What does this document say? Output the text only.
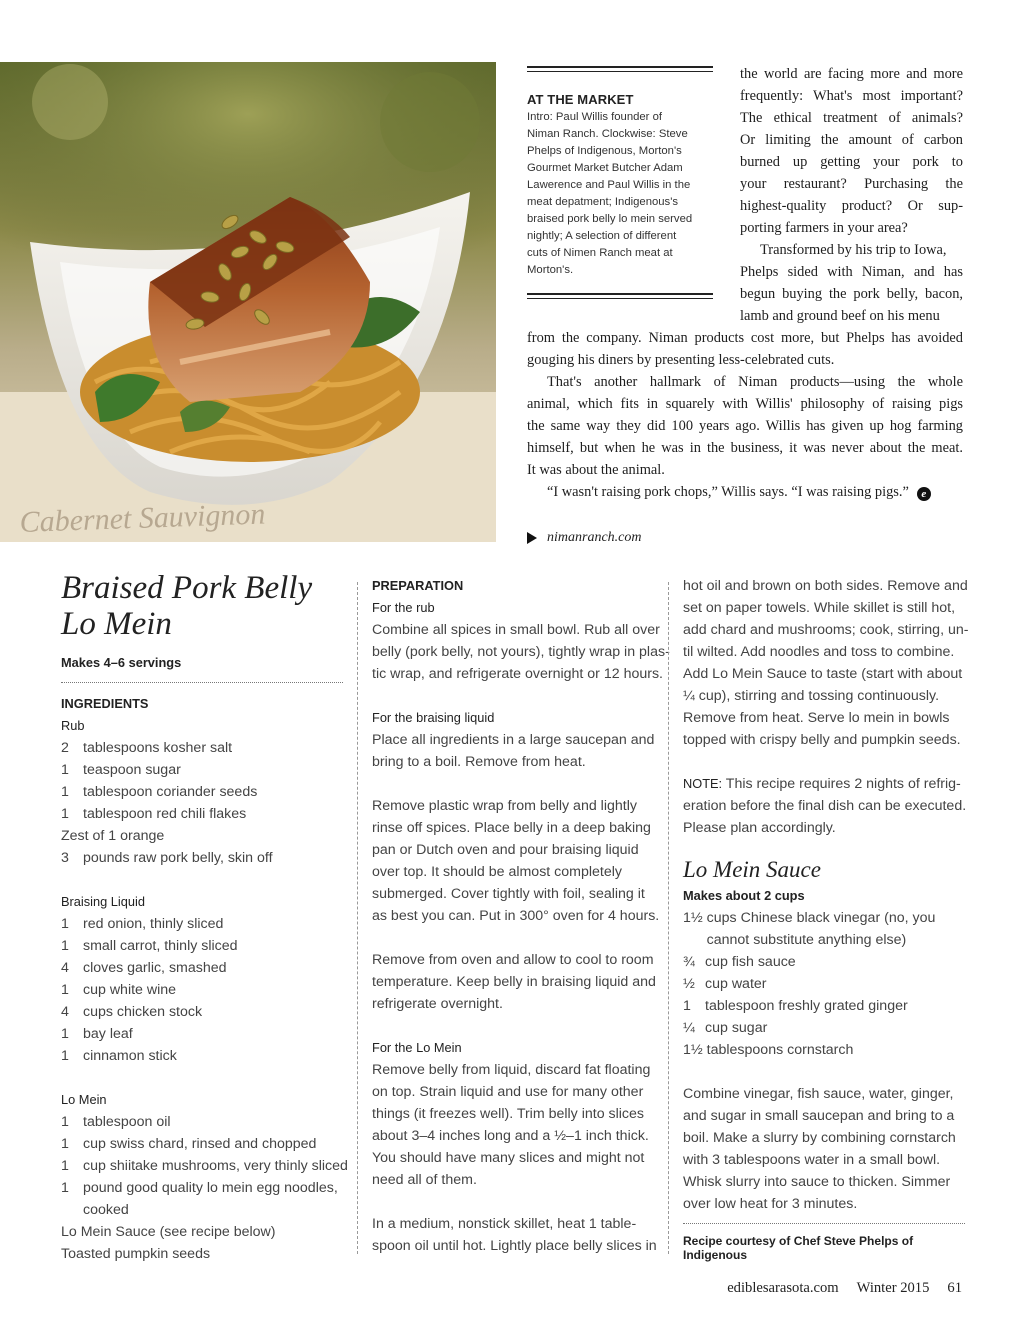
Cabernet Sauvignon
AT THE MARKET
Intro: Paul Willis founder of
Niman Ranch. Clockwise: Steve
Phelps of Indigenous, Morton's
Gourmet Market Butcher Adam
Lawerence and Paul Willis in the
meat depatment; Indigenous's
braised pork belly lo mein served
nightly; A selection of different
cuts of Nimen Ranch meat at
Morton's.
the world are facing more and more
frequently: What's most important?
The ethical treatment of animals?
Or limiting the amount of carbon
burned up getting your pork to
your restaurant? Purchasing the
highest-quality product? Or sup-
porting farmers in your area?
Transformed by his trip to Iowa,
Phelps sided with Niman, and has
begun buying the pork belly, bacon,
lamb and ground beef on his menu
from the company. Niman products cost more, but Phelps has avoided
gouging his diners by presenting less-celebrated cuts.
That's another hallmark of Niman products—using the whole
animal, which fits in squarely with Willis' philosophy of raising pigs
the same way they did 100 years ago. Willis has given up hog farming
himself, but when he was in the business, it was never about the meat.
It was about the animal.
“I wasn't raising pork chops,” Willis says. “I was raising pigs.” e
nimanranch.com
Braised Pork Belly
Lo Mein
Makes 4–6 servings
INGREDIENTS
Rub
2 tablespoons kosher salt
1 teaspoon sugar
1 tablespoon coriander seeds
1 tablespoon red chili flakes
Zest of 1 orange
3 pounds raw pork belly, skin off
Braising Liquid
1 red onion, thinly sliced
1 small carrot, thinly sliced
4 cloves garlic, smashed
1 cup white wine
4 cups chicken stock
1 bay leaf
1 cinnamon stick
Lo Mein
1 tablespoon oil
1 cup swiss chard, rinsed and chopped
1 cup shiitake mushrooms, very thinly sliced
1 pound good quality lo mein egg noodles,
cooked
Lo Mein Sauce (see recipe below)
Toasted pumpkin seeds
PREPARATION
For the rub
Combine all spices in small bowl. Rub all over
belly (pork belly, not yours), tightly wrap in plas-
tic wrap, and refrigerate overnight or 12 hours.
For the braising liquid
Place all ingredients in a large saucepan and
bring to a boil. Remove from heat.
Remove plastic wrap from belly and lightly
rinse off spices. Place belly in a deep baking
pan or Dutch oven and pour braising liquid
over top. It should be almost completely
submerged. Cover tightly with foil, sealing it
as best you can. Put in 300° oven for 4 hours.
Remove from oven and allow to cool to room
temperature. Keep belly in braising liquid and
refrigerate overnight.
For the Lo Mein
Remove belly from liquid, discard fat floating
on top. Strain liquid and use for many other
things (it freezes well). Trim belly into slices
about 3–4 inches long and a ½–1 inch thick.
You should have many slices and might not
need all of them.
In a medium, nonstick skillet, heat 1 table-
spoon oil until hot. Lightly place belly slices in
hot oil and brown on both sides. Remove and
set on paper towels. While skillet is still hot,
add chard and mushrooms; cook, stirring, un-
til wilted. Add noodles and toss to combine.
Add Lo Mein Sauce to taste (start with about
¼ cup), stirring and tossing continuously.
Remove from heat. Serve lo mein in bowls
topped with crispy belly and pumpkin seeds.
NOTE: This recipe requires 2 nights of refrig-
eration before the final dish can be executed.
Please plan accordingly.
Lo Mein Sauce
Makes about 2 cups
1½ cups Chinese black vinegar (no, you
cannot substitute anything else)
¾ cup fish sauce
½ cup water
1 tablespoon freshly grated ginger
¼ cup sugar
1½ tablespoons cornstarch
Combine vinegar, fish sauce, water, ginger,
and sugar in small saucepan and bring to a
boil. Make a slurry by combining cornstarch
with 3 tablespoons water in a small bowl.
Whisk slurry into sauce to thicken. Simmer
over low heat for 3 minutes.
Recipe courtesy of Chef Steve Phelps of Indigenous
ediblesarasota.com Winter 2015 61
